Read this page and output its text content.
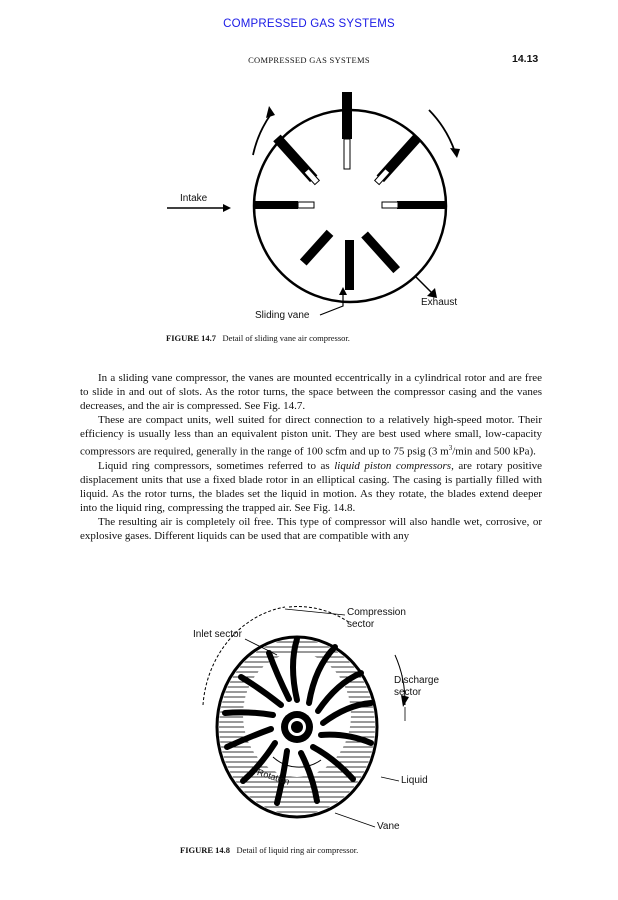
COMPRESSED GAS SYSTEMS
COMPRESSED GAS SYSTEMS	14.13
Intake
Exhaust
Sliding vane
FIGURE 14.7 Detail of sliding vane air compressor.

In a sliding vane compressor, the vanes are mounted eccentrically in a cylindrical rotor and are free to slide in and out of slots. As the rotor turns, the space between the compressor casing and the vanes decreases, and the air is compressed. See Fig. 14.7.

These are compact units, well suited for direct connection to a relatively high-speed motor. Their efficiency is usually less than an equivalent piston unit. They are best used where small, low-capacity compressors are required, generally in the range of 100 scfm and up to 75 psig (3 $m^3/\min$ and 500 kPa).

Liquid ring compressors, sometimes referred to as liquid piston compressors, are rotary positive displacement units that use a fixed blade rotor in an elliptical casing. The casing is partially filled with liquid. As the rotor turns, the blades set the liquid in motion. As they rotate, the blades extend deeper into the liquid ring, compressing the trapped air. See Fig. 14.8.

The resulting air is completely oil free. This type of compressor will also handle wet, corrosive, or explosive gases. Different liquids can be used that are compatible with any

Compression
sector
Inlet sector
Discharge
sector
Liquid
Vane
Rotation
FIGURE 14.8 Detail of liquid ring air compressor.
